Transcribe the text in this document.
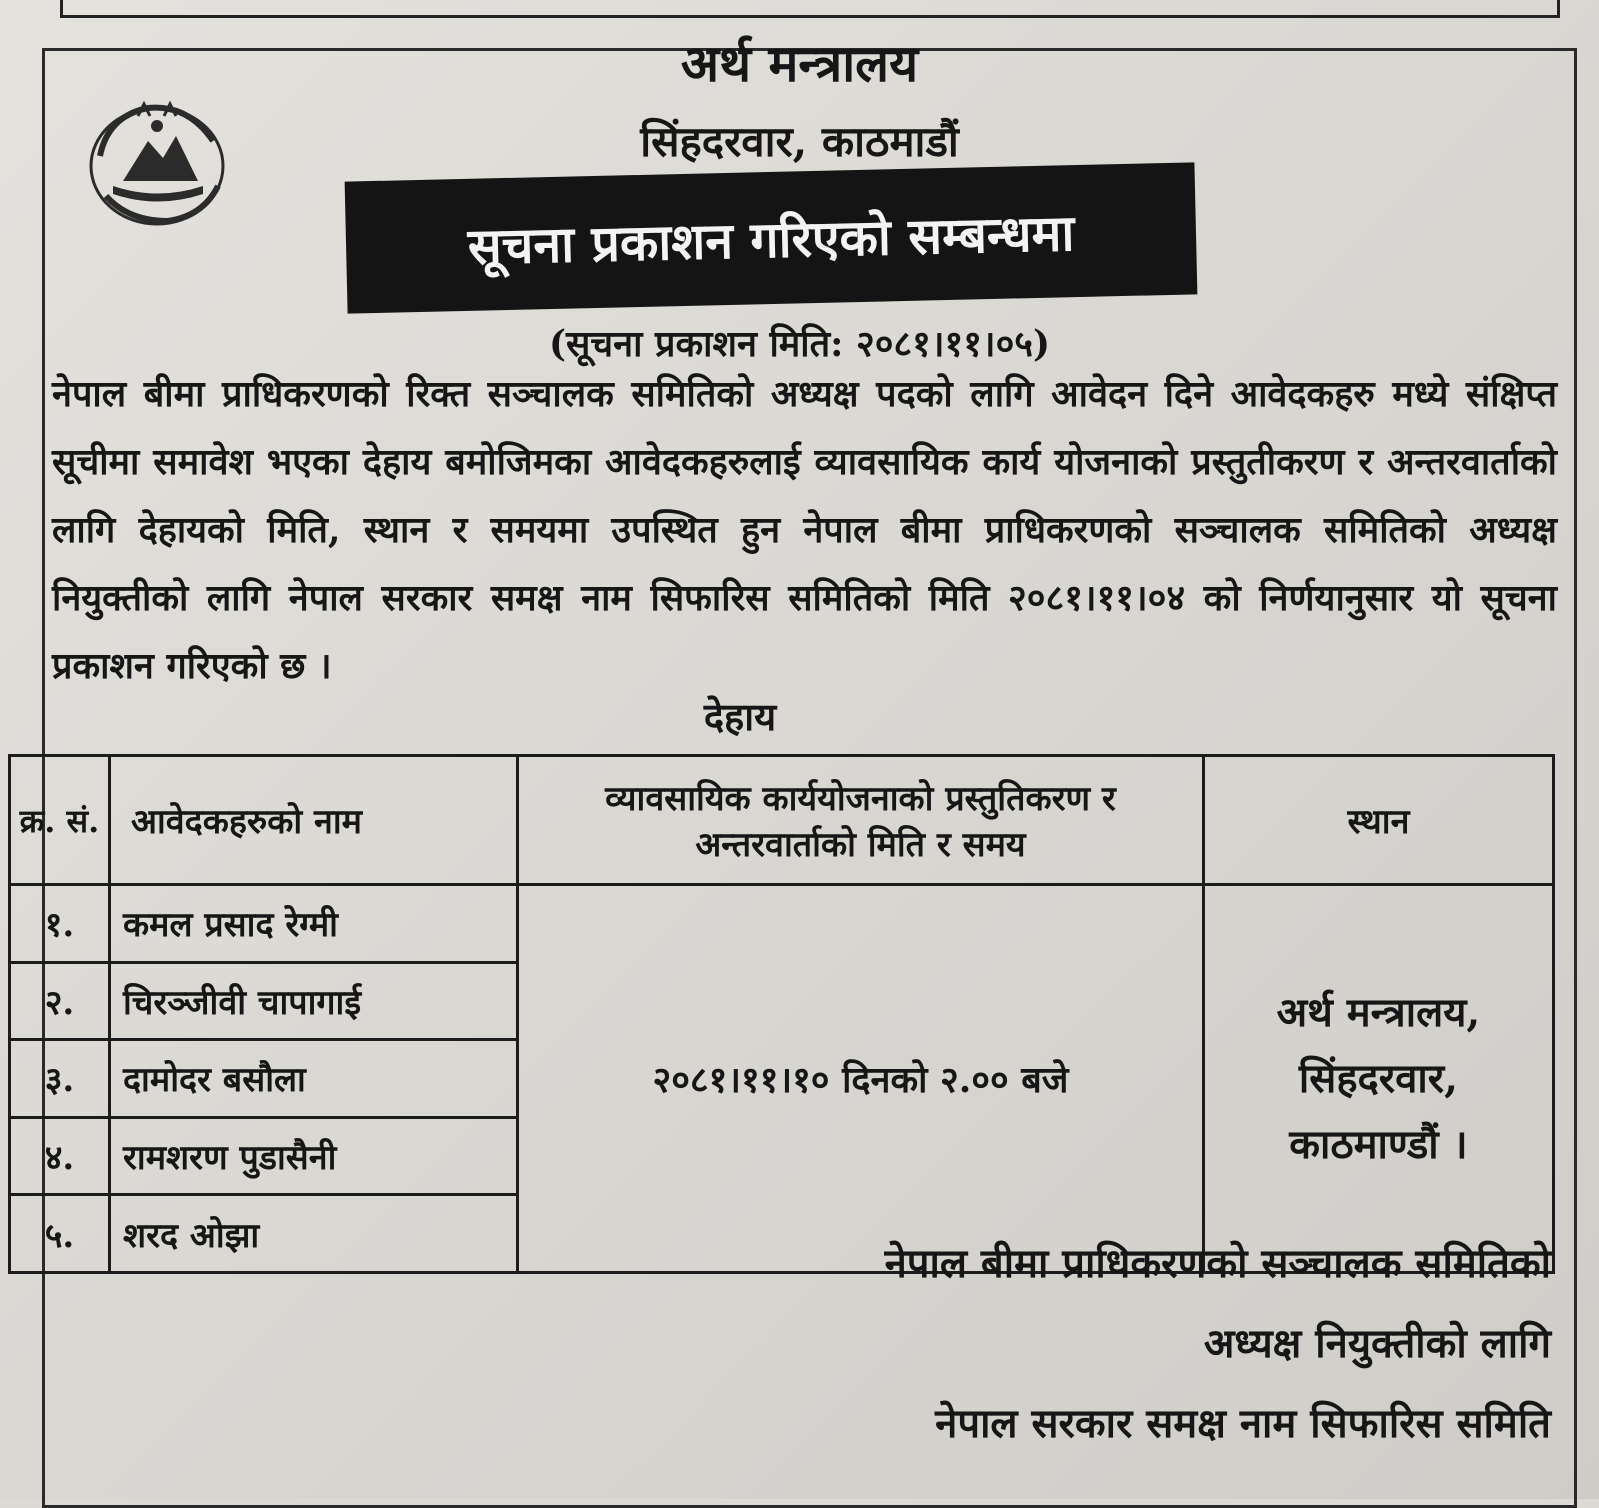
अर्थ मन्त्रालय
सिंहदरवार, काठमाडौं
सूचना प्रकाशन गरिएको सम्बन्धमा
(सूचना प्रकाशन मिति: २०८१।११।०५)
नेपाल बीमा प्राधिकरणको रिक्त सञ्चालक समितिको अध्यक्ष पदको लागि आवेदन दिने आवेदकहरु मध्ये संक्षिप्त सूचीमा समावेश भएका देहाय बमोजिमका आवेदकहरुलाई व्यावसायिक कार्य योजनाको प्रस्तुतीकरण र अन्तरवार्ताको लागि देहायको मिति, स्थान र समयमा उपस्थित हुन नेपाल बीमा प्राधिकरणको सञ्चालक समितिको अध्यक्ष नियुक्तीको लागि नेपाल सरकार समक्ष नाम सिफारिस समितिको मिति २०८१।११।०४ को निर्णयानुसार यो सूचना प्रकाशन गरिएको छ ।
देहाय
क्र. सं.	आवेदकहरुको नाम	व्यावसायिक कार्ययोजनाको प्रस्तुतिकरण र अन्तरवार्ताको मिति र समय	स्थान
१.	कमल प्रसाद रेग्मी	२०८१।११।१० दिनको २.०० बजे	अर्थ मन्त्रालय,
सिंहदरवार,
काठमाण्डौं ।

२.	चिरञ्जीवी चापागाई		
३.	दामोदर बसौला		
४.	रामशरण पुडासैनी		
५.	शरद ओझा		
नेपाल बीमा प्राधिकरणको सञ्चालक समितिको
अध्यक्ष नियुक्तीको लागि
नेपाल सरकार समक्ष नाम सिफारिस समिति
